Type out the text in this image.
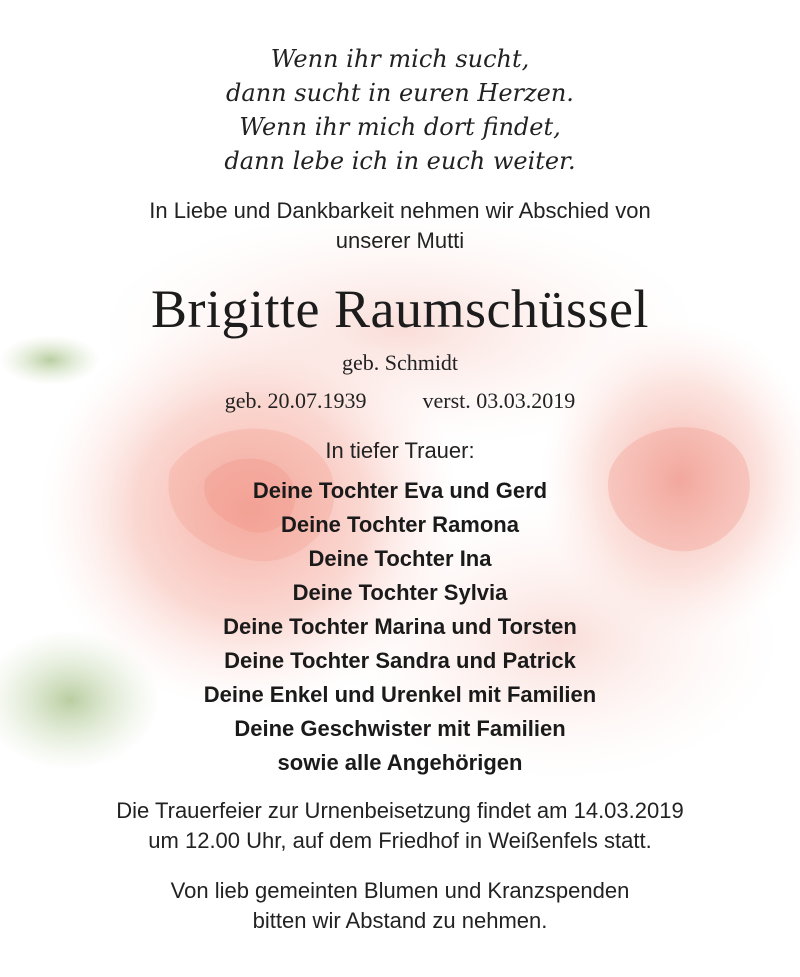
Wenn ihr mich sucht,
dann sucht in euren Herzen.
Wenn ihr mich dort findet,
dann lebe ich in euch weiter.
In Liebe und Dankbarkeit nehmen wir Abschied von
unserer Mutti
Brigitte Raumschüssel
geb. Schmidt
geb. 20.07.1939	verst. 03.03.2019
In tiefer Trauer:
Deine Tochter Eva und Gerd
Deine Tochter Ramona
Deine Tochter Ina
Deine Tochter Sylvia
Deine Tochter Marina und Torsten
Deine Tochter Sandra und Patrick
Deine Enkel und Urenkel mit Familien
Deine Geschwister mit Familien
sowie alle Angehörigen
Die Trauerfeier zur Urnenbeisetzung findet am 14.03.2019
um 12.00 Uhr, auf dem Friedhof in Weißenfels statt.
Von lieb gemeinten Blumen und Kranzspenden
bitten wir Abstand zu nehmen.
